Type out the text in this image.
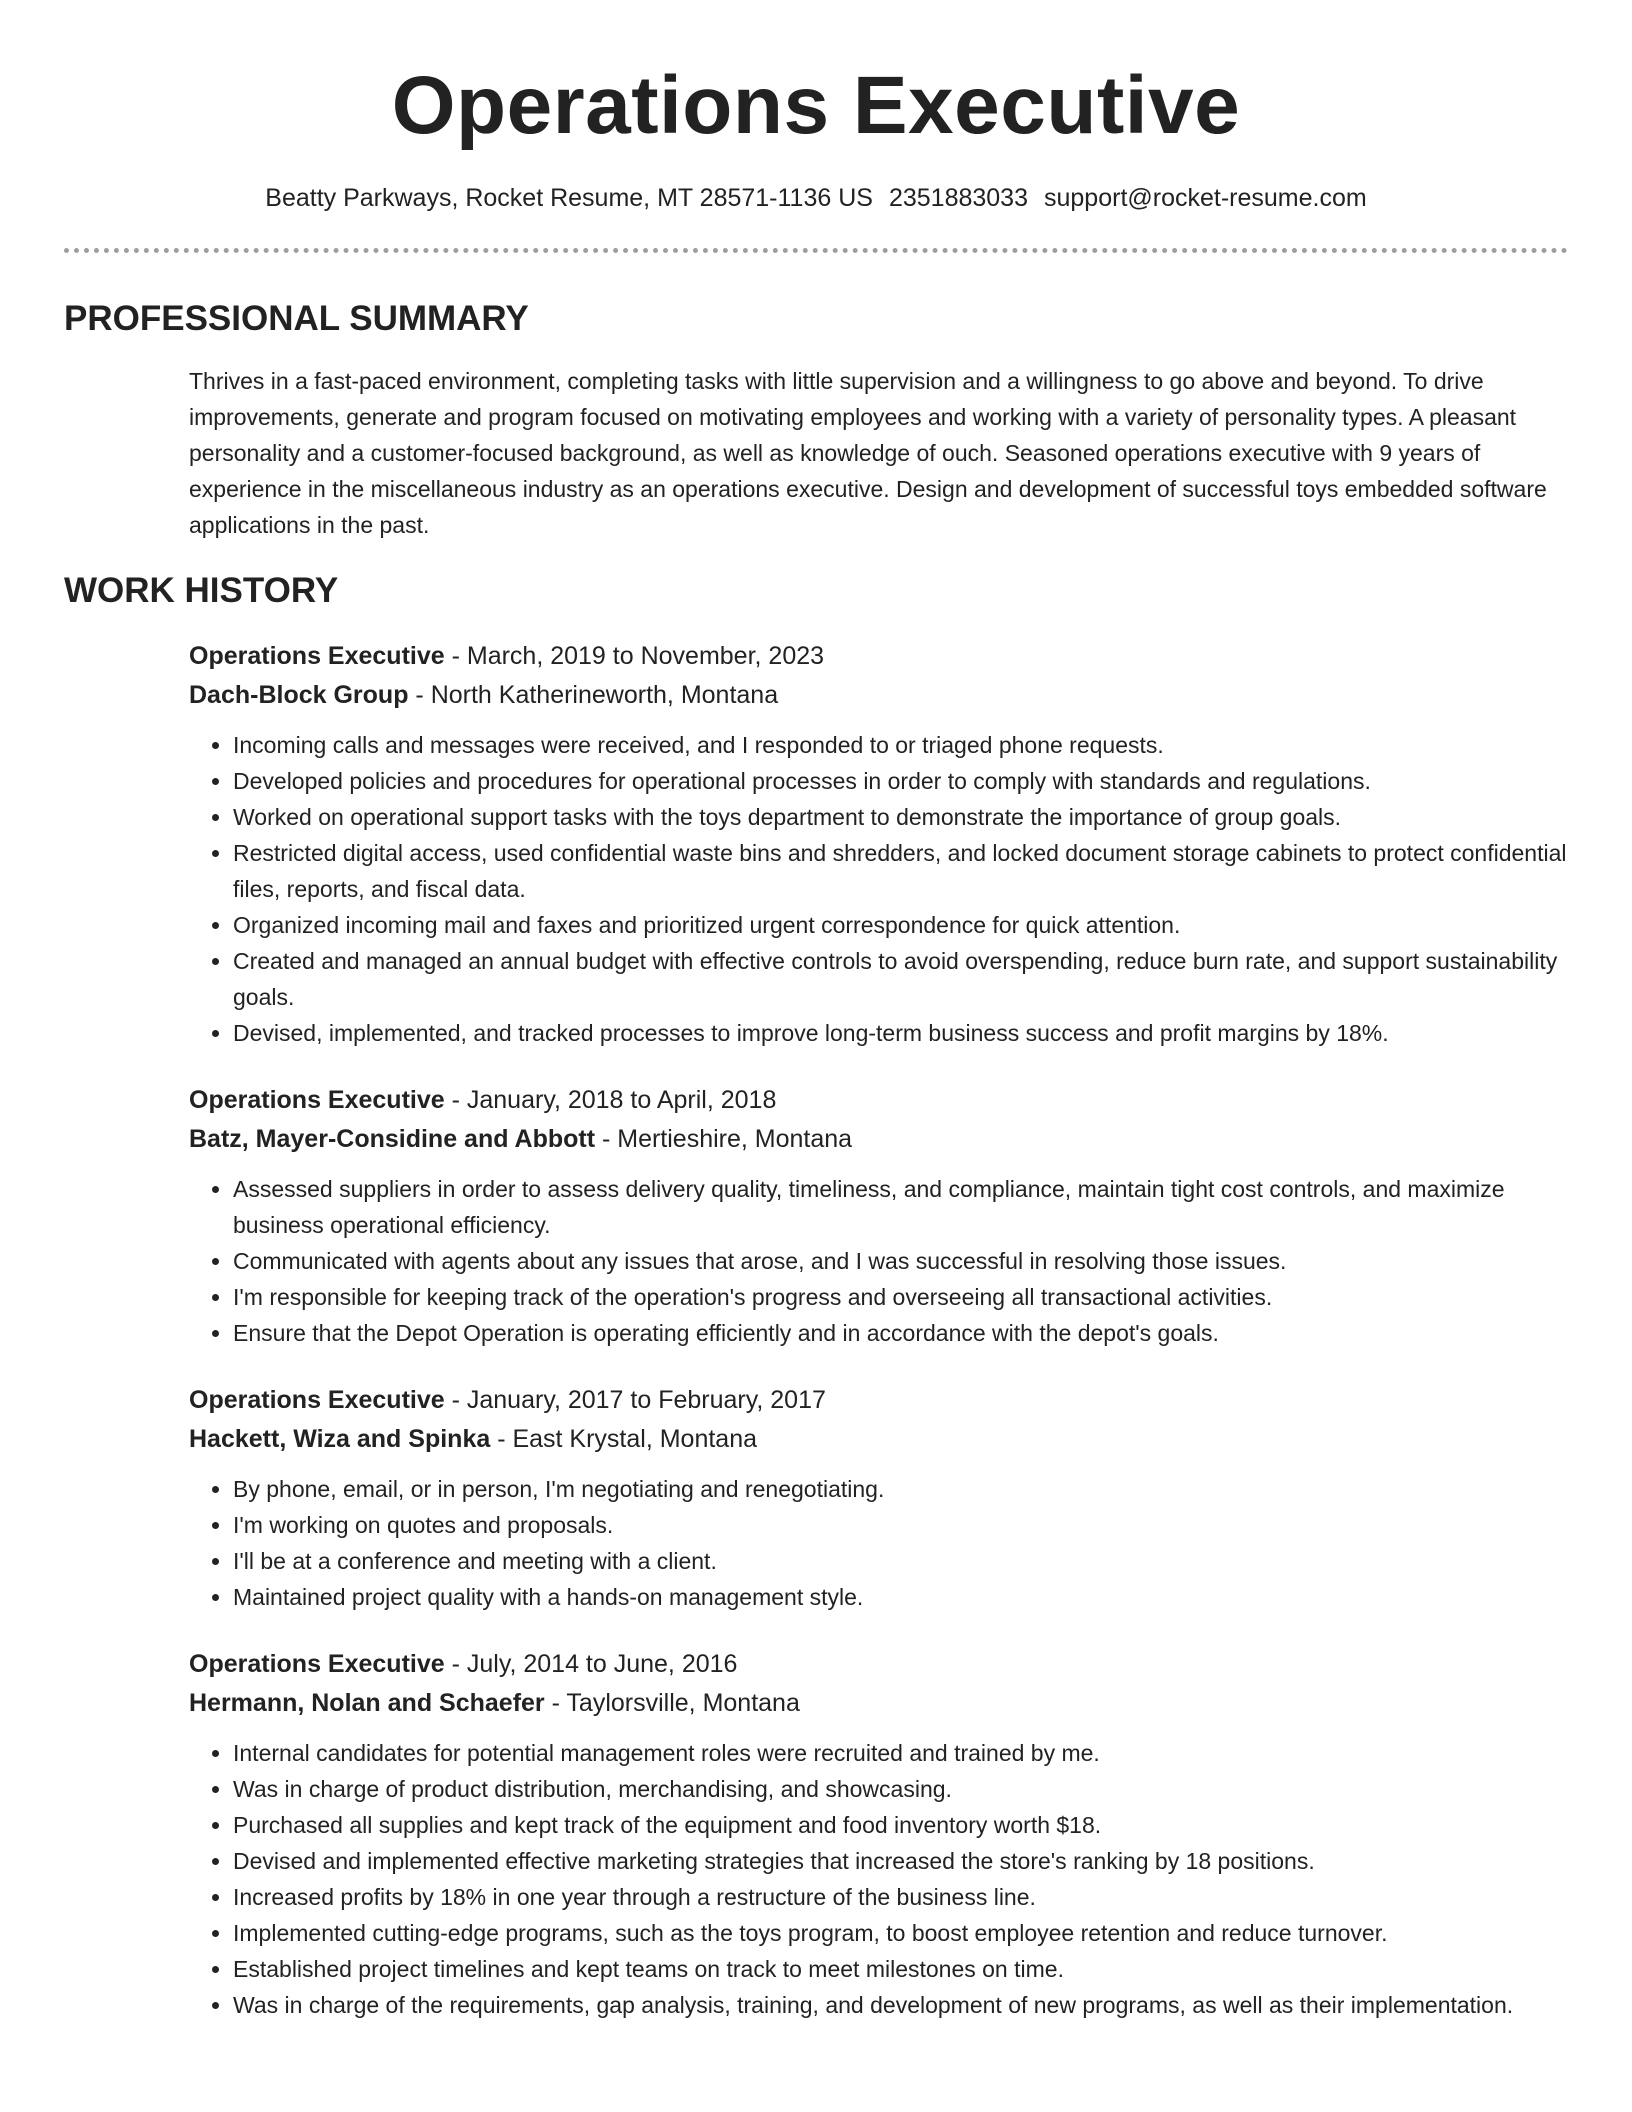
Operations Executive
Beatty Parkways, Rocket Resume, MT 28571-1136 US 2351883033 support@rocket-resume.com
PROFESSIONAL SUMMARY

Thrives in a fast-paced environment, completing tasks with little supervision and a willingness to go above and beyond. To drive improvements, generate and program focused on motivating employees and working with a variety of personality types. A pleasant personality and a customer-focused background, as well as knowledge of ouch. Seasoned operations executive with 9 years of experience in the miscellaneous industry as an operations executive. Design and development of successful toys embedded software applications in the past.

WORK HISTORY
Operations Executive - March, 2019 to November, 2023
Dach-Block Group - North Katherineworth, Montana
• Incoming calls and messages were received, and I responded to or triaged phone requests.
• Developed policies and procedures for operational processes in order to comply with standards and regulations.
• Worked on operational support tasks with the toys department to demonstrate the importance of group goals.
• Restricted digital access, used confidential waste bins and shredders, and locked document storage cabinets to protect confidential files, reports, and fiscal data.
• Organized incoming mail and faxes and prioritized urgent correspondence for quick attention.
• Created and managed an annual budget with effective controls to avoid overspending, reduce burn rate, and support sustainability goals.
• Devised, implemented, and tracked processes to improve long-term business success and profit margins by 18%.
Operations Executive - January, 2018 to April, 2018
Batz, Mayer-Considine and Abbott - Mertieshire, Montana
• Assessed suppliers in order to assess delivery quality, timeliness, and compliance, maintain tight cost controls, and maximize business operational efficiency.
• Communicated with agents about any issues that arose, and I was successful in resolving those issues.
• I'm responsible for keeping track of the operation's progress and overseeing all transactional activities.
• Ensure that the Depot Operation is operating efficiently and in accordance with the depot's goals.
Operations Executive - January, 2017 to February, 2017
Hackett, Wiza and Spinka - East Krystal, Montana
• By phone, email, or in person, I'm negotiating and renegotiating.
• I'm working on quotes and proposals.
• I'll be at a conference and meeting with a client.
• Maintained project quality with a hands-on management style.
Operations Executive - July, 2014 to June, 2016
Hermann, Nolan and Schaefer - Taylorsville, Montana
• Internal candidates for potential management roles were recruited and trained by me.
• Was in charge of product distribution, merchandising, and showcasing.
• Purchased all supplies and kept track of the equipment and food inventory worth $18.
• Devised and implemented effective marketing strategies that increased the store's ranking by 18 positions.
• Increased profits by 18% in one year through a restructure of the business line.
• Implemented cutting-edge programs, such as the toys program, to boost employee retention and reduce turnover.
• Established project timelines and kept teams on track to meet milestones on time.
• Was in charge of the requirements, gap analysis, training, and development of new programs, as well as their implementation.
